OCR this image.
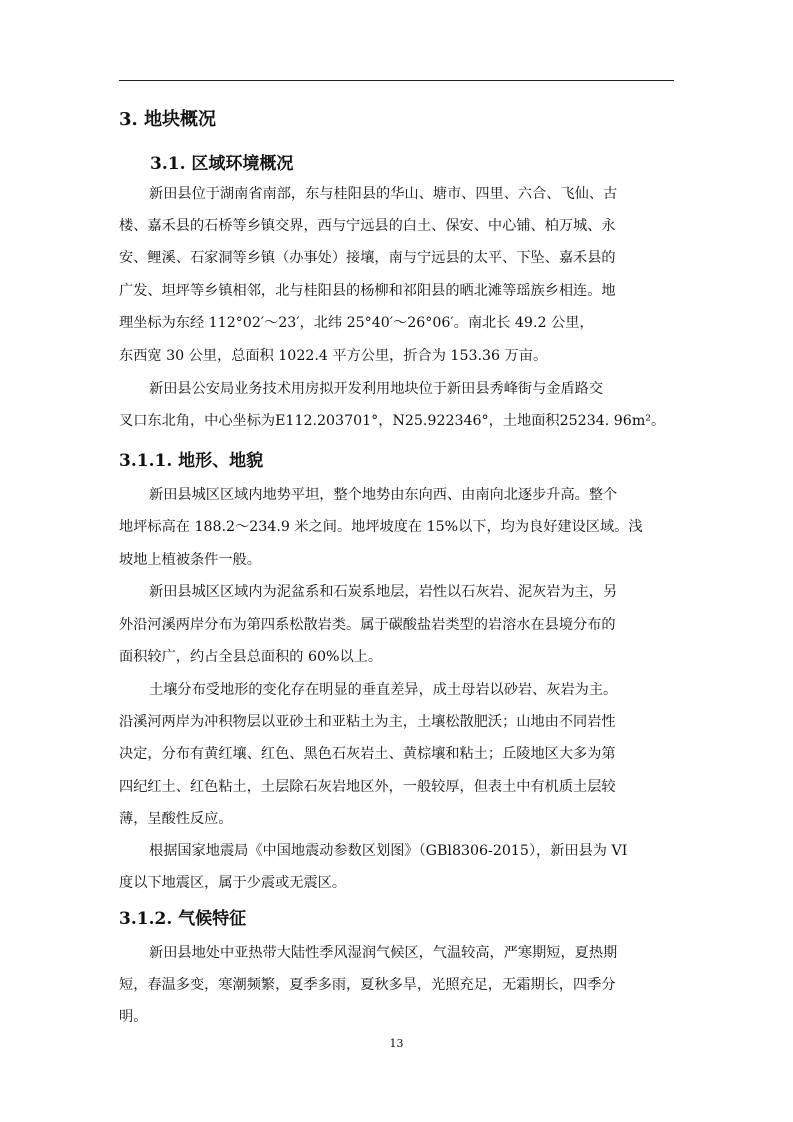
3. 地块概况
3.1. 区域环境概况
新田县位于湖南省南部，东与桂阳县的华山、塘市、四里、六合、飞仙、古
楼、嘉禾县的石桥等乡镇交界，西与宁远县的白土、保安、中心铺、柏万城、永
安、鲤溪、石家洞等乡镇（办事处）接壤，南与宁远县的太平、下坠、嘉禾县的
广发、坦坪等乡镇相邻，北与桂阳县的杨柳和祁阳县的晒北滩等瑶族乡相连。地
理坐标为东经 112°02′～23′，北纬 25°40′～26°06′。南北长 49.2 公里，
东西宽 30 公里，总面积 1022.4 平方公里，折合为 153.36 万亩。
新田县公安局业务技术用房拟开发利用地块位于新田县秀峰街与金盾路交
叉口东北角，中心坐标为E112.203701°，N25.922346°，土地面积25234. 96m²。
3.1.1. 地形、地貌
新田县城区区域内地势平坦，整个地势由东向西、由南向北逐步升高。整个
地坪标高在 188.2～234.9 米之间。地坪坡度在 15%以下，均为良好建设区域。浅
坡地上植被条件一般。
新田县城区区域内为泥盆系和石炭系地层，岩性以石灰岩、泥灰岩为主，另
外沿河溪两岸分布为第四系松散岩类。属于碳酸盐岩类型的岩溶水在县境分布的
面积较广，约占全县总面积的 60%以上。
土壤分布受地形的变化存在明显的垂直差异，成土母岩以砂岩、灰岩为主。
沿溪河两岸为冲积物层以亚砂土和亚粘土为主，土壤松散肥沃；山地由不同岩性
决定，分布有黄红壤、红色、黑色石灰岩土、黄棕壤和粘土；丘陵地区大多为第
四纪红土、红色粘土，土层除石灰岩地区外，一般较厚，但表土中有机质土层较
薄，呈酸性反应。
根据国家地震局《中国地震动参数区划图》（GBl8306-2015），新田县为 VI
度以下地震区，属于少震或无震区。
3.1.2. 气候特征
新田县地处中亚热带大陆性季风湿润气候区，气温较高，严寒期短，夏热期
短，春温多变，寒潮频繁，夏季多雨，夏秋多旱，光照充足，无霜期长，四季分
明。
13
